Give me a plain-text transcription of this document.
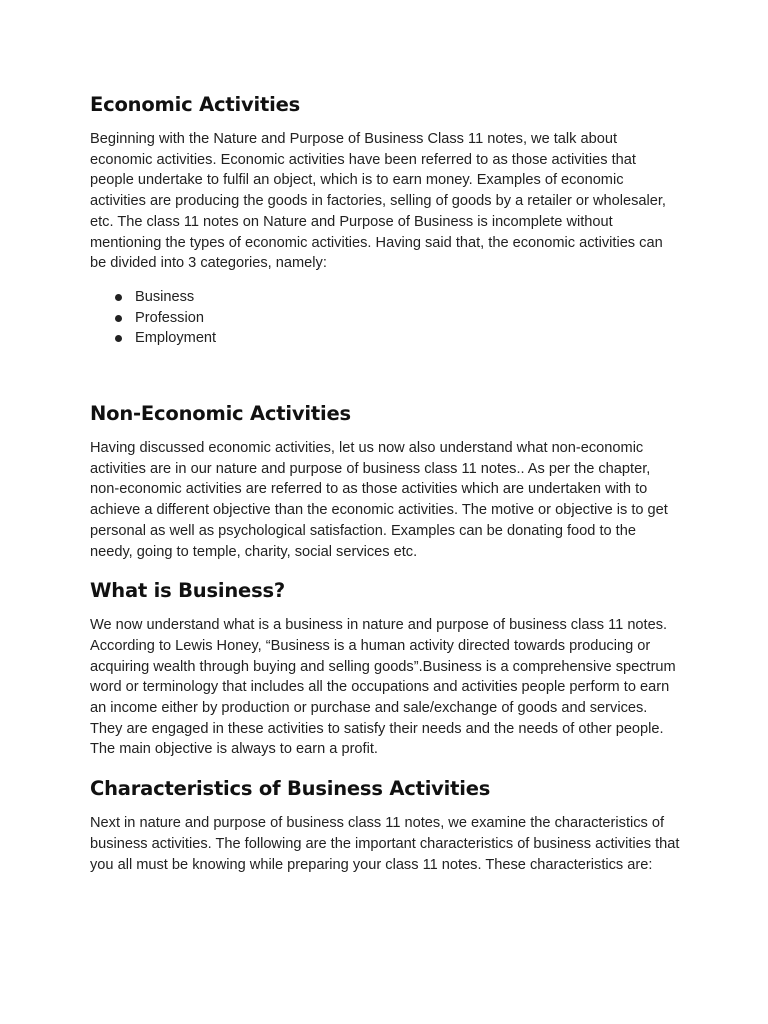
Economic Activities

Beginning with the Nature and Purpose of Business Class 11 notes, we talk about economic activities. Economic activities have been referred to as those activities that people undertake to fulfil an object, which is to earn money. Examples of economic activities are producing the goods in factories, selling of goods by a retailer or wholesaler, etc. The class 11 notes on Nature and Purpose of Business is incomplete without mentioning the types of economic activities. Having said that, the economic activities can be divided into 3 categories, namely:

Business
Profession
Employment
Non-Economic Activities

Having discussed economic activities, let us now also understand what non-economic activities are in our nature and purpose of business class 11 notes.. As per the chapter, non-economic activities are referred to as those activities which are undertaken with to achieve a different objective than the economic activities. The motive or objective is to get personal as well as psychological satisfaction. Examples can be donating food to the needy, going to temple, charity, social services etc.

What is Business?

We now understand what is a business in nature and purpose of business class 11 notes. According to Lewis Honey, “Business is a human activity directed towards producing or acquiring wealth through buying and selling goods”.Business is a comprehensive spectrum word or terminology that includes all the occupations and activities people perform to earn an income either by production or purchase and sale/exchange of goods and services. They are engaged in these activities to satisfy their needs and the needs of other people. The main objective is always to earn a profit.

Characteristics of Business Activities

Next in nature and purpose of business class 11 notes, we examine the characteristics of business activities. The following are the important characteristics of business activities that you all must be knowing while preparing your class 11 notes. These characteristics are:
